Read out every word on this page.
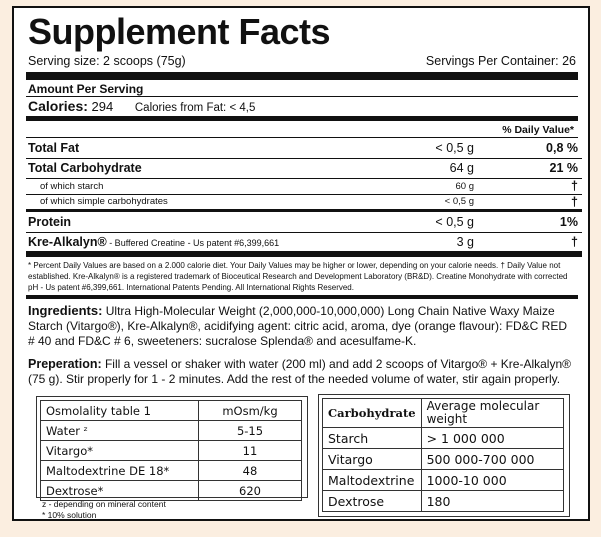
Supplement Facts
Serving size: 2 scoops (75g)	Servings Per Container: 26
Amount Per Serving
Calories: 294 Calories from Fat: < 4,5
% Daily Value*
Total Fat	< 0,5 g	0,8 %
Total Carbohydrate	64 g	21 %
of which starch	60 g	†
of which simple carbohydrates	< 0,5 g	†
Protein	< 0,5 g	1%
Kre-Alkalyn® - Buffered Creatine - Us patent #6,399,661	3 g	†
* Percent Daily Values are based on a 2.000 calorie diet. Your Daily Values may be higher or lower, depending on your calorie needs. † Daily Value not established. Kre-Alkalyn® is a registered trademark of Bioceutical Research and Development Laboratory (BR&D). Creatine Monohydrate with corrected pH - Us patent #6,399,661. International Patents Pending. All International Rights Reserved.
Ingredients: Ultra High-Molecular Weight (2,000,000-10,000,000) Long Chain Native Waxy Maize Starch (Vitargo®), Kre-Alkalyn®, acidifying agent: citric acid, aroma, dye (orange flavour): FD&C RED # 40 and FD&C # 6, sweeteners: sucralose Splenda® and acesulfame-K.
Preperation: Fill a vessel or shaker with water (200 ml) and add 2 scoops of Vitargo® + Kre-Alkalyn® (75 g). Stir properly for 1 - 2 minutes. Add the rest of the needed volume of water, stir again properly.
Osmolality table 1	mOsm/kg
Water ᶻ	5-15
Vitargo*	11
Maltodextrine DE 18*	48
Dextrose*	620
z - depending on mineral content
* 10% solution
Carbohydrate	Average molecular weight
Starch	> 1 000 000
Vitargo	500 000-700 000
Maltodextrine	1000-10 000
Dextrose	180
